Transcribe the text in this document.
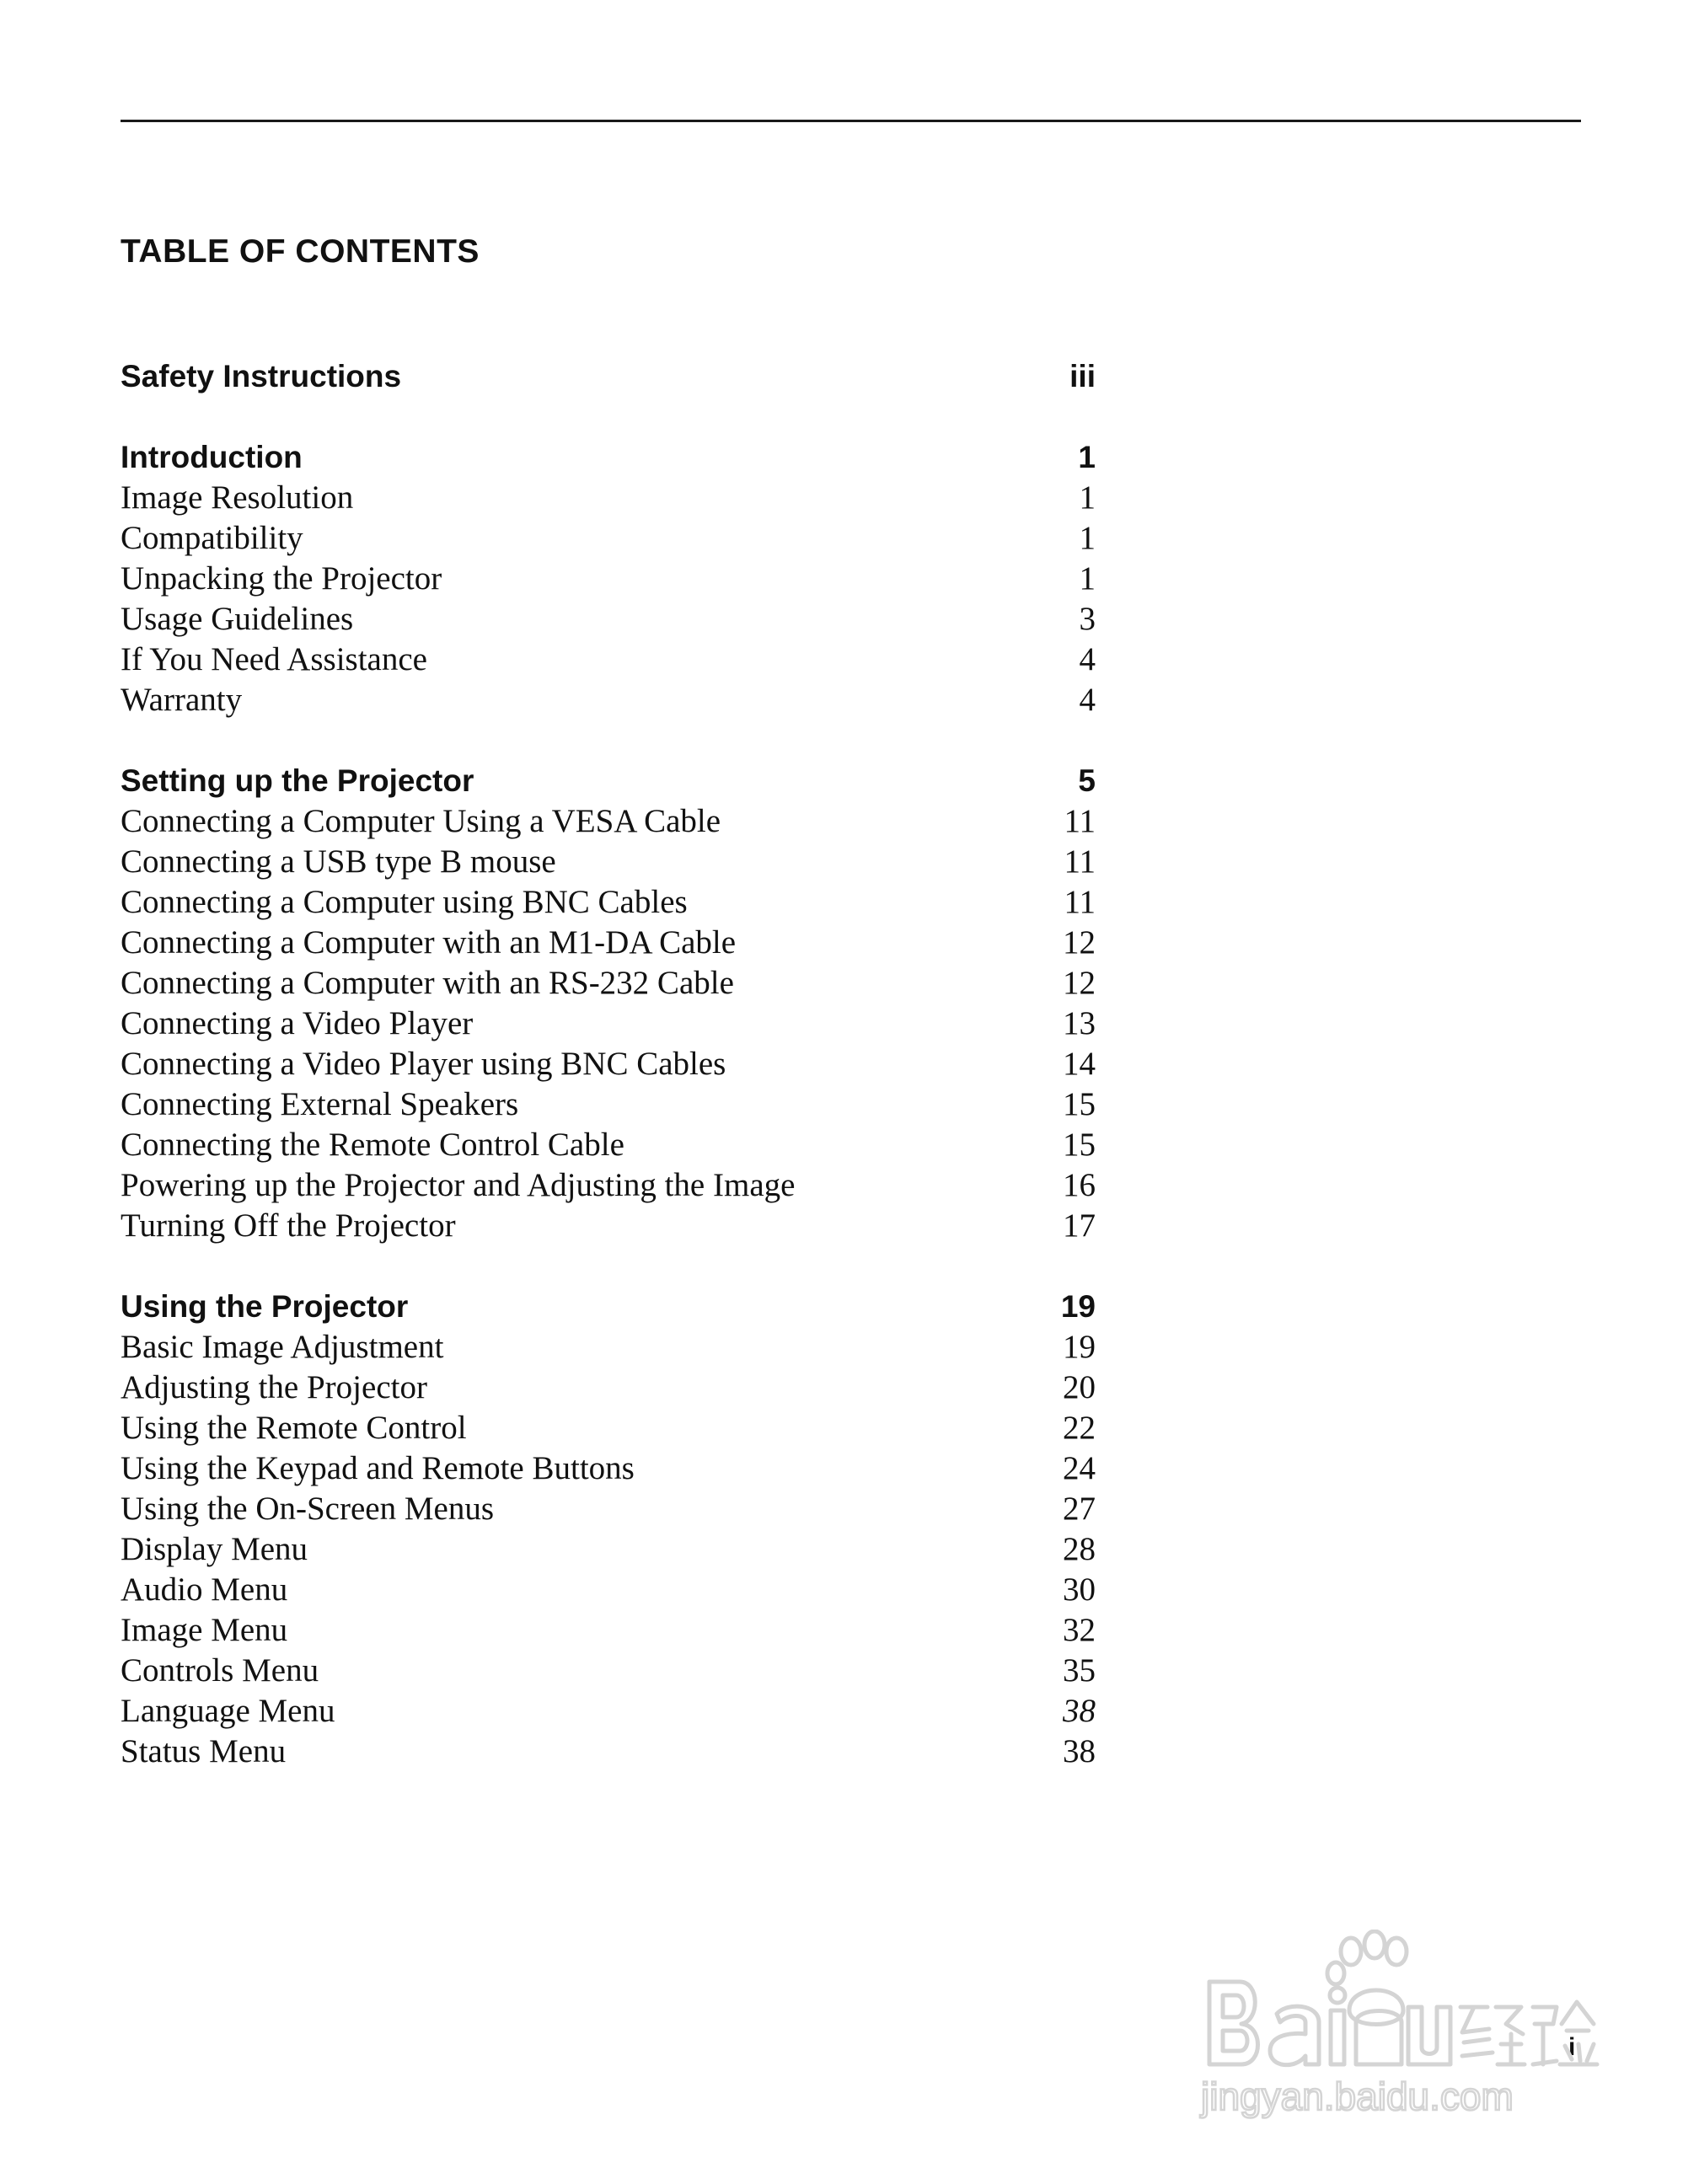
TABLE OF CONTENTS
Safety Instructions	iii
Introduction	1
Image Resolution	1
Compatibility	1
Unpacking the Projector	1
Usage Guidelines	3
If You Need Assistance	4
Warranty	4
Setting up the Projector	5
Connecting a Computer Using a VESA Cable	11
Connecting a USB type B mouse	11
Connecting a Computer using BNC Cables	11
Connecting a Computer with an M1-DA Cable	12
Connecting a Computer with an RS-232 Cable	12
Connecting a Video Player	13
Connecting a Video Player using BNC Cables	14
Connecting External Speakers	15
Connecting the Remote Control Cable	15
Powering up the Projector and Adjusting the Image	16
Turning Off the Projector	17
Using the Projector	19
Basic Image Adjustment	19
Adjusting the Projector	20
Using the Remote Control	22
Using the Keypad and Remote Buttons	24
Using the On-Screen Menus	27
Display Menu	28
Audio Menu	30
Image Menu	32
Controls Menu	35
Language Menu	38
Status Menu	38
i
jingyan.baidu.com
